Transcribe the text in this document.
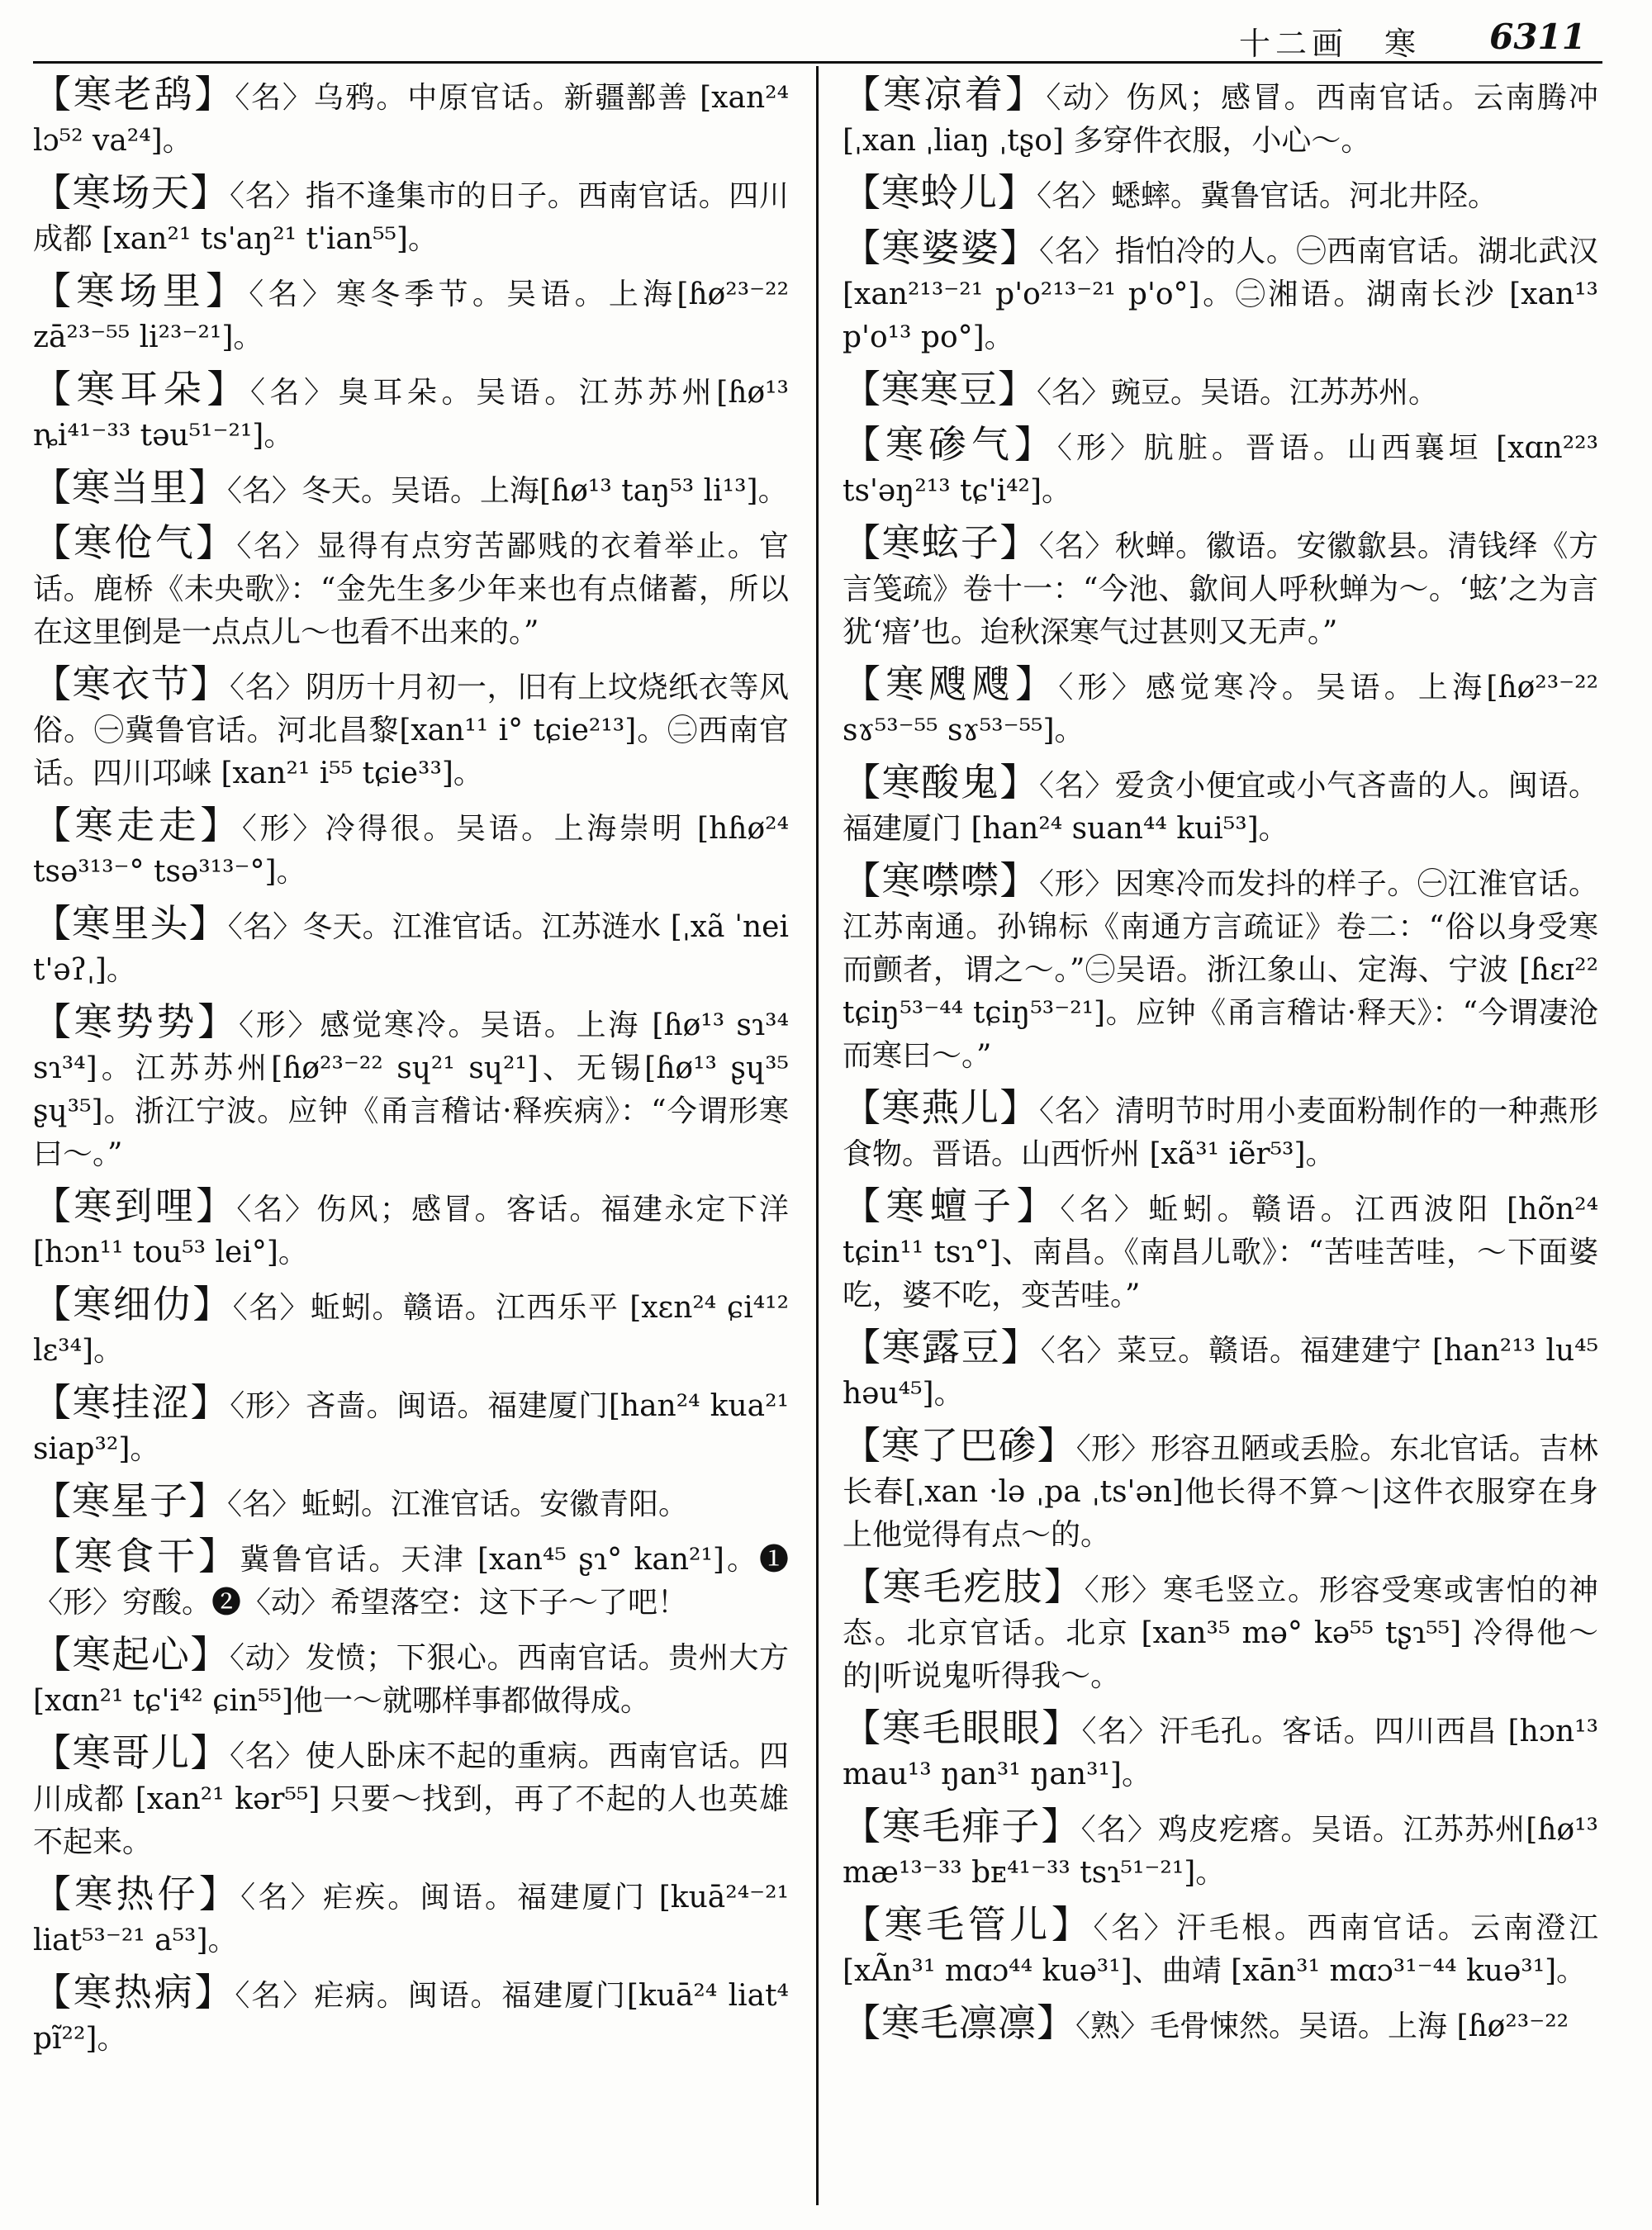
十二画　寒 6311
【寒老鸹】〈名〉乌鸦。中原官话。新疆鄯善 [xan²⁴ lɔ⁵² va²⁴]。
【寒场天】〈名〉指不逢集市的日子。西南官话。四川成都 [xan²¹ ts'aŋ²¹ t'ian⁵⁵]。
【寒场里】〈名〉寒冬季节。吴语。上海[ɦø²³⁻²² zā²³⁻⁵⁵ li²³⁻²¹]。
【寒耳朵】〈名〉臭耳朵。吴语。江苏苏州[ɦø¹³ ȵi⁴¹⁻³³ təu⁵¹⁻²¹]。
【寒当里】〈名〉冬天。吴语。上海[ɦø¹³ taŋ⁵³ li¹³]。
【寒伧气】〈名〉显得有点穷苦鄙贱的衣着举止。官话。鹿桥《未央歌》：“金先生多少年来也有点储蓄，所以在这里倒是一点点儿～也看不出来的。”
【寒衣节】〈名〉阴历十月初一，旧有上坟烧纸衣等风俗。㊀冀鲁官话。河北昌黎[xan¹¹ i° tɕie²¹³]。㊁西南官话。四川邛崃 [xan²¹ i⁵⁵ tɕie³³]。
【寒走走】〈形〉冷得很。吴语。上海崇明 [hɦø²⁴ tsə³¹³⁻° tsə³¹³⁻°]。
【寒里头】〈名〉冬天。江淮官话。江苏涟水 [ˌxã ˈnei t'əʔˌ]。
【寒势势】〈形〉感觉寒冷。吴语。上海 [ɦø¹³ sɿ³⁴ sɿ³⁴]。江苏苏州[ɦø²³⁻²² sɥ²¹ sɥ²¹]、无锡[ɦø¹³ ʂɥ³⁵ ʂɥ³⁵]。浙江宁波。应钟《甬言稽诂·释疾病》：“今谓形寒曰～。”
【寒到哩】〈名〉伤风；感冒。客话。福建永定下洋 [hɔn¹¹ tou⁵³ lei°]。
【寒细仂】〈名〉蚯蚓。赣语。江西乐平 [xɛn²⁴ ɕi⁴¹² lɛ³⁴]。
【寒挂涩】〈形〉吝啬。闽语。福建厦门[han²⁴ kua²¹ siap³²]。
【寒星子】〈名〉蚯蚓。江淮官话。安徽青阳。
【寒食干】冀鲁官话。天津 [xan⁴⁵ ʂɿ° kan²¹]。❶〈形〉穷酸。❷〈动〉希望落空：这下子～了吧！
【寒起心】〈动〉发愤；下狠心。西南官话。贵州大方 [xɑn²¹ tɕ'i⁴² ɕin⁵⁵]他一～就哪样事都做得成。
【寒哥儿】〈名〉使人卧床不起的重病。西南官话。四川成都 [xan²¹ kər⁵⁵] 只要～找到，再了不起的人也英雄不起来。
【寒热仔】〈名〉疟疾。闽语。福建厦门 [kuā²⁴⁻²¹ liat⁵³⁻²¹ a⁵³]。
【寒热病】〈名〉疟病。闽语。福建厦门[kuā²⁴ liat⁴ pĩ²²]。
【寒凉着】〈动〉伤风；感冒。西南官话。云南腾冲 [ˌxan ˌliaŋ ˌtʂo] 多穿件衣服，小心～。
【寒蛉儿】〈名〉蟋蟀。冀鲁官话。河北井陉。
【寒婆婆】〈名〉指怕冷的人。㊀西南官话。湖北武汉 [xan²¹³⁻²¹ p'o²¹³⁻²¹ p'o°]。㊁湘语。湖南长沙 [xan¹³ p'o¹³ po°]。
【寒寒豆】〈名〉豌豆。吴语。江苏苏州。
【寒碜气】〈形〉肮脏。晋语。山西襄垣 [xɑn²²³ ts'əŋ²¹³ tɕ'i⁴²]。
【寒蚿子】〈名〉秋蝉。徽语。安徽歙县。清钱绎《方言笺疏》卷十一：“今池、歙间人呼秋蝉为～。‘蚿’之为言犹‘瘖’也。迨秋深寒气过甚则又无声。”
【寒飕飕】〈形〉感觉寒冷。吴语。上海[ɦø²³⁻²² sɤ⁵³⁻⁵⁵ sɤ⁵³⁻⁵⁵]。
【寒酸鬼】〈名〉爱贪小便宜或小气吝啬的人。闽语。福建厦门 [han²⁴ suan⁴⁴ kui⁵³]。
【寒噤噤】〈形〉因寒冷而发抖的样子。㊀江淮官话。江苏南通。孙锦标《南通方言疏证》卷二：“俗以身受寒而颤者，谓之～。”㊁吴语。浙江象山、定海、宁波 [ɦɛɪ²² tɕiŋ⁵³⁻⁴⁴ tɕiŋ⁵³⁻²¹]。应钟《甬言稽诂·释天》：“今谓凄沧而寒曰～。”
【寒燕儿】〈名〉清明节时用小麦面粉制作的一种燕形食物。晋语。山西忻州 [xã³¹ iẽr⁵³]。
【寒蟺子】〈名〉蚯蚓。赣语。江西波阳 [hõn²⁴ tɕin¹¹ tsɿ°]、南昌。《南昌儿歌》：“苦哇苦哇，～下面婆吃，婆不吃，变苦哇。”
【寒露豆】〈名〉菜豆。赣语。福建建宁 [han²¹³ lu⁴⁵ həu⁴⁵]。
【寒了巴碜】〈形〉形容丑陋或丢脸。东北官话。吉林长春[ˌxan ·lə ˌpa ˌts'ən]他长得不算～|这件衣服穿在身上他觉得有点～的。
【寒毛疙肢】〈形〉寒毛竖立。形容受寒或害怕的神态。北京官话。北京 [xan³⁵ mə° kə⁵⁵ tʂɿ⁵⁵] 冷得他～的|听说鬼听得我～。
【寒毛眼眼】〈名〉汗毛孔。客话。四川西昌 [hɔn¹³ mau¹³ ŋan³¹ ŋan³¹]。
【寒毛痱子】〈名〉鸡皮疙瘩。吴语。江苏苏州[ɦø¹³ mæ¹³⁻³³ bᴇ⁴¹⁻³³ tsɿ⁵¹⁻²¹]。
【寒毛管儿】〈名〉汗毛根。西南官话。云南澄江 [xÃn³¹ mɑɔ⁴⁴ kuə³¹]、曲靖 [xān³¹ mɑɔ³¹⁻⁴⁴ kuə³¹]。
【寒毛凛凛】〈熟〉毛骨悚然。吴语。上海 [ɦø²³⁻²²
